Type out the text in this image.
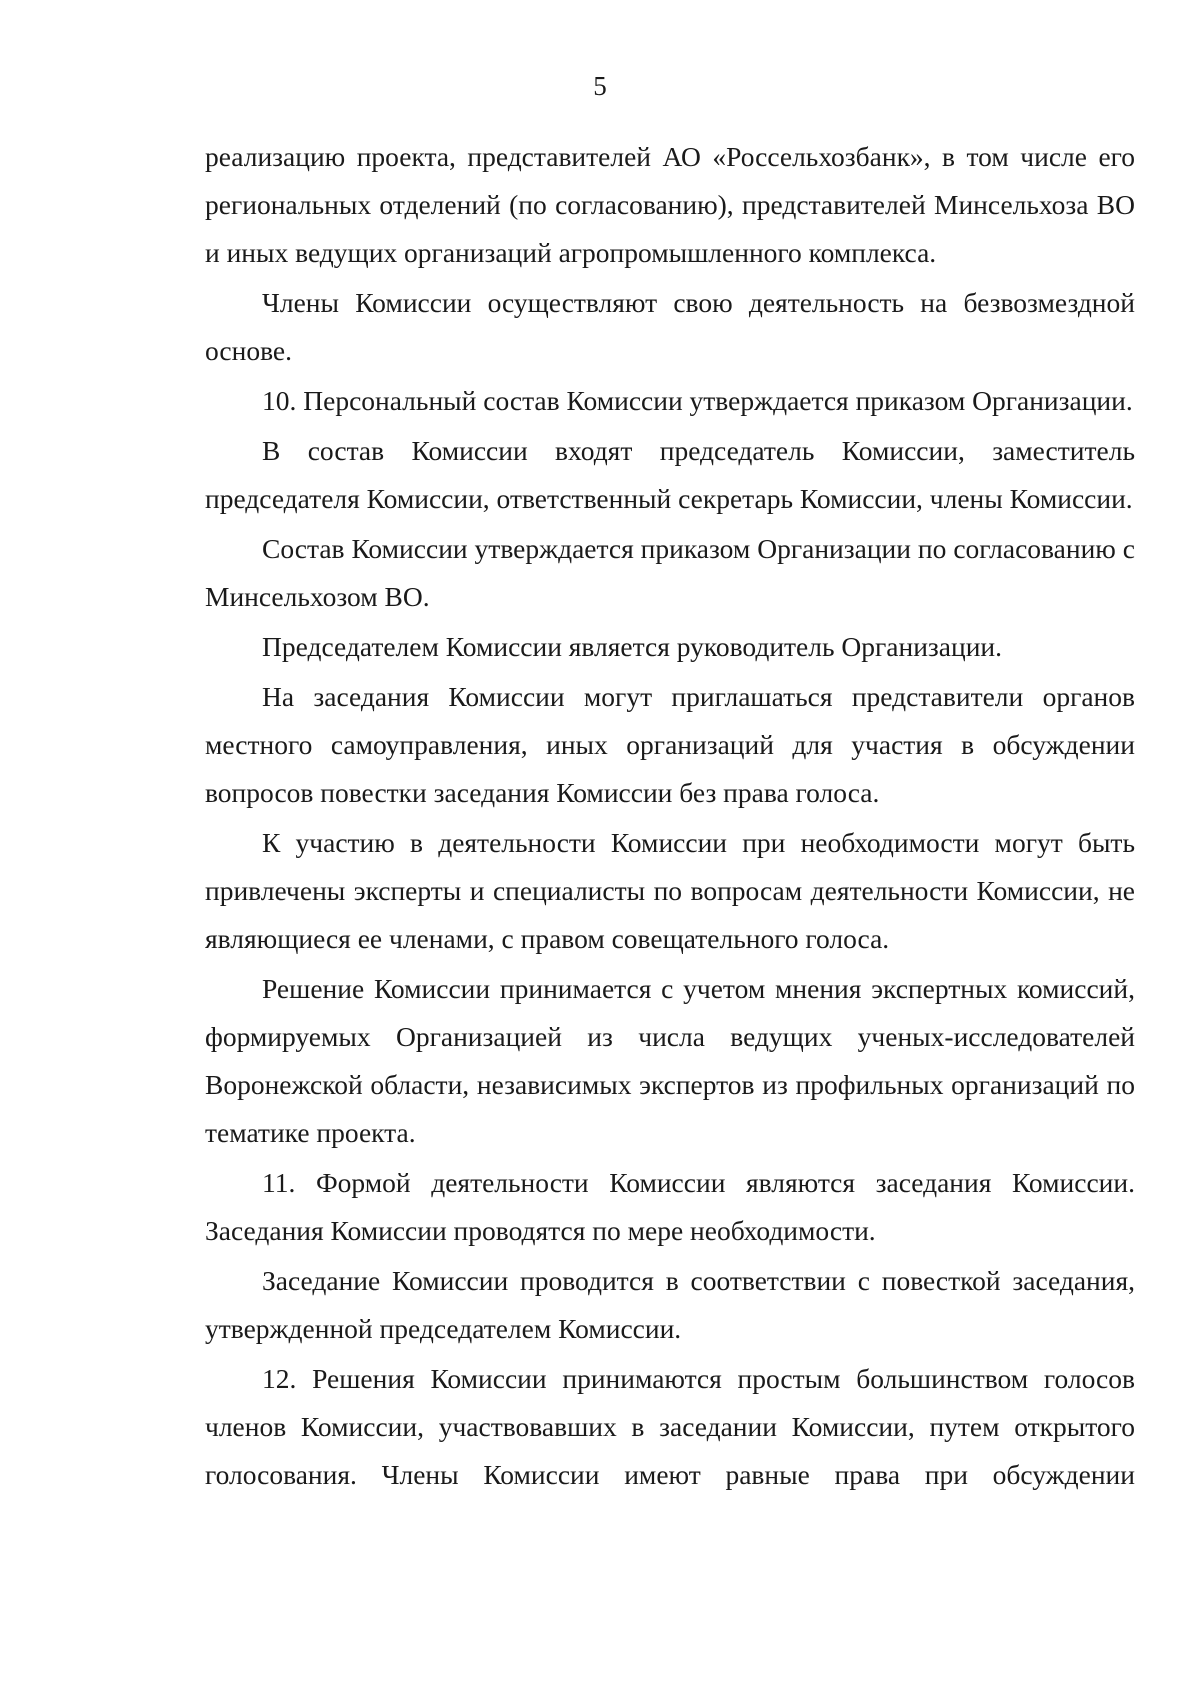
5

реализацию проекта, представителей АО «Россельхозбанк», в том числе его региональных отделений (по согласованию), представителей Минсельхоза ВО и иных ведущих организаций агропромышленного комплекса.

Члены Комиссии осуществляют свою деятельность на безвозмездной основе.

10. Персональный состав Комиссии утверждается приказом Организации.

В состав Комиссии входят председатель Комиссии, заместитель председателя Комиссии, ответственный секретарь Комиссии, члены Комиссии.

Состав Комиссии утверждается приказом Организации по согласованию с Минсельхозом ВО.

Председателем Комиссии является руководитель Организации.

На заседания Комиссии могут приглашаться представители органов местного самоуправления, иных организаций для участия в обсуждении вопросов повестки заседания Комиссии без права голоса.

К участию в деятельности Комиссии при необходимости могут быть привлечены эксперты и специалисты по вопросам деятельности Комиссии, не являющиеся ее членами, с правом совещательного голоса.

Решение Комиссии принимается с учетом мнения экспертных комиссий, формируемых Организацией из числа ведущих ученых-исследователей Воронежской области, независимых экспертов из профильных организаций по тематике проекта.

11. Формой деятельности Комиссии являются заседания Комиссии. Заседания Комиссии проводятся по мере необходимости.

Заседание Комиссии проводится в соответствии с повесткой заседания, утвержденной председателем Комиссии.

12. Решения Комиссии принимаются простым большинством голосов членов Комиссии, участвовавших в заседании Комиссии, путем открытого голосования. Члены Комиссии имеют равные права при обсуждении
